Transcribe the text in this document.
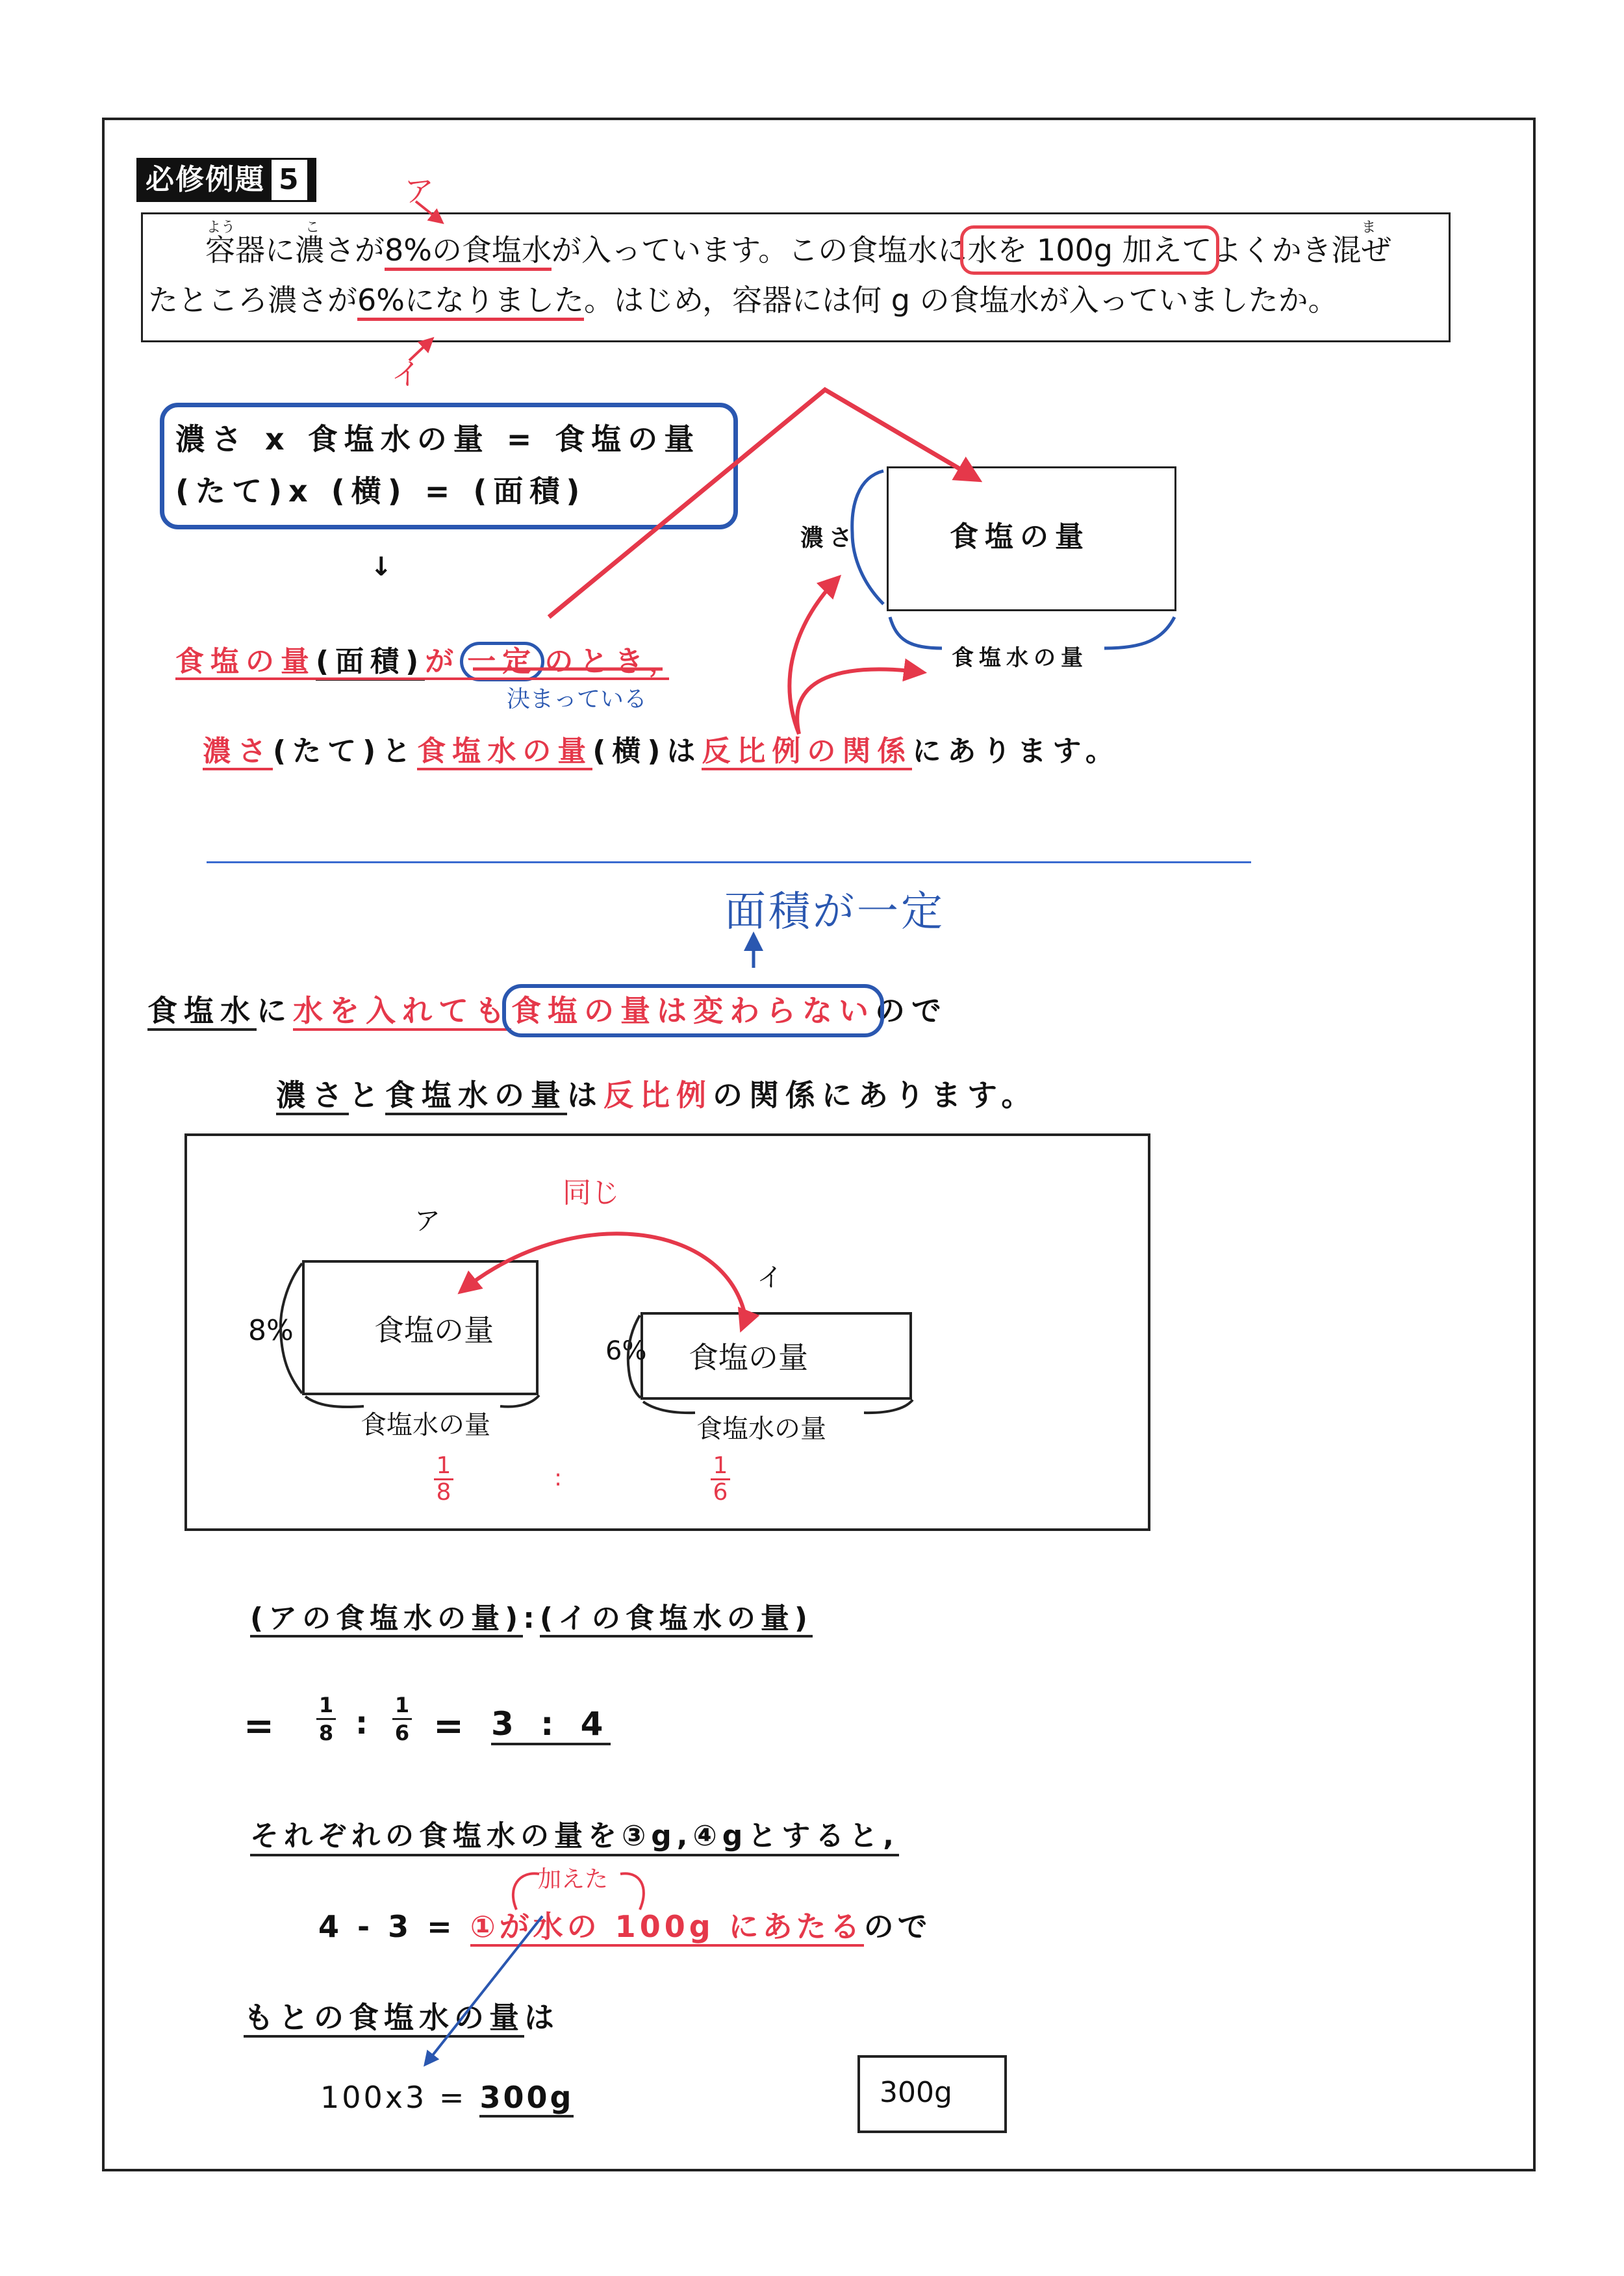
必修例題 5
よう	こ	ま
容器に濃さが8%の食塩水が入っています。この食塩水に水を 100g 加えてよくかき混ぜ
たところ濃さが6%になりました。はじめ，容器には何 g の食塩水が入っていましたか。
ア
イ
濃さ x 食塩水の量 = 食塩の量
(たて)x (横) = (面積)
↓
食塩の量(面積)が 一定 のとき，
決まっている
濃さ(たて)と食塩水の量(横)は反比例の関係にあります。
食塩の量
濃さ
食塩水の量
面積が一定
食塩水に水を入れても食塩の量は変わらないので
濃さと食塩水の量は反比例の関係にあります。
同じ
ア
食塩の量
8%
食塩水の量
$\frac{1}{8}$	:
イ
食塩の量
6%
食塩水の量
$\frac{1}{6}$
(アの食塩水の量):(イの食塩水の量)
= $\frac{1}{8}$ : $\frac{1}{6} = 3$ : 4
それぞれの食塩水の量を③g,④gとすると,
加えた
4 - 3 = ①が水の 100g にあたるので
もとの食塩水の量は
100x3 = 300g	300g
